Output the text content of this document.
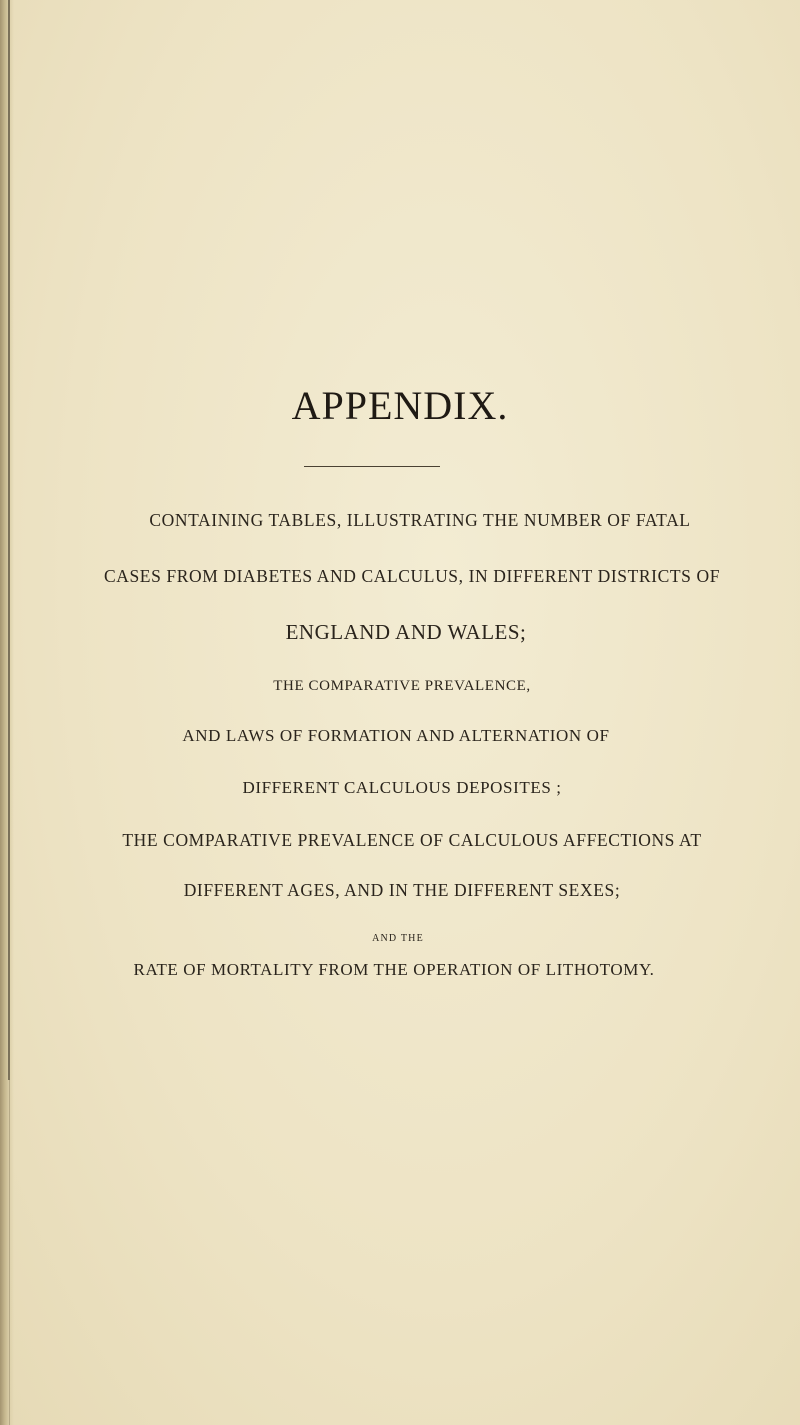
APPENDIX.
CONTAINING TABLES, ILLUSTRATING THE NUMBER OF FATAL
CASES FROM DIABETES AND CALCULUS, IN DIFFERENT DISTRICTS OF
ENGLAND AND WALES;
THE COMPARATIVE PREVALENCE,
AND LAWS OF FORMATION AND ALTERNATION OF
DIFFERENT CALCULOUS DEPOSITES ;
THE COMPARATIVE PREVALENCE OF CALCULOUS AFFECTIONS AT
DIFFERENT AGES, AND IN THE DIFFERENT SEXES;
AND THE
RATE OF MORTALITY FROM THE OPERATION OF LITHOTOMY.
